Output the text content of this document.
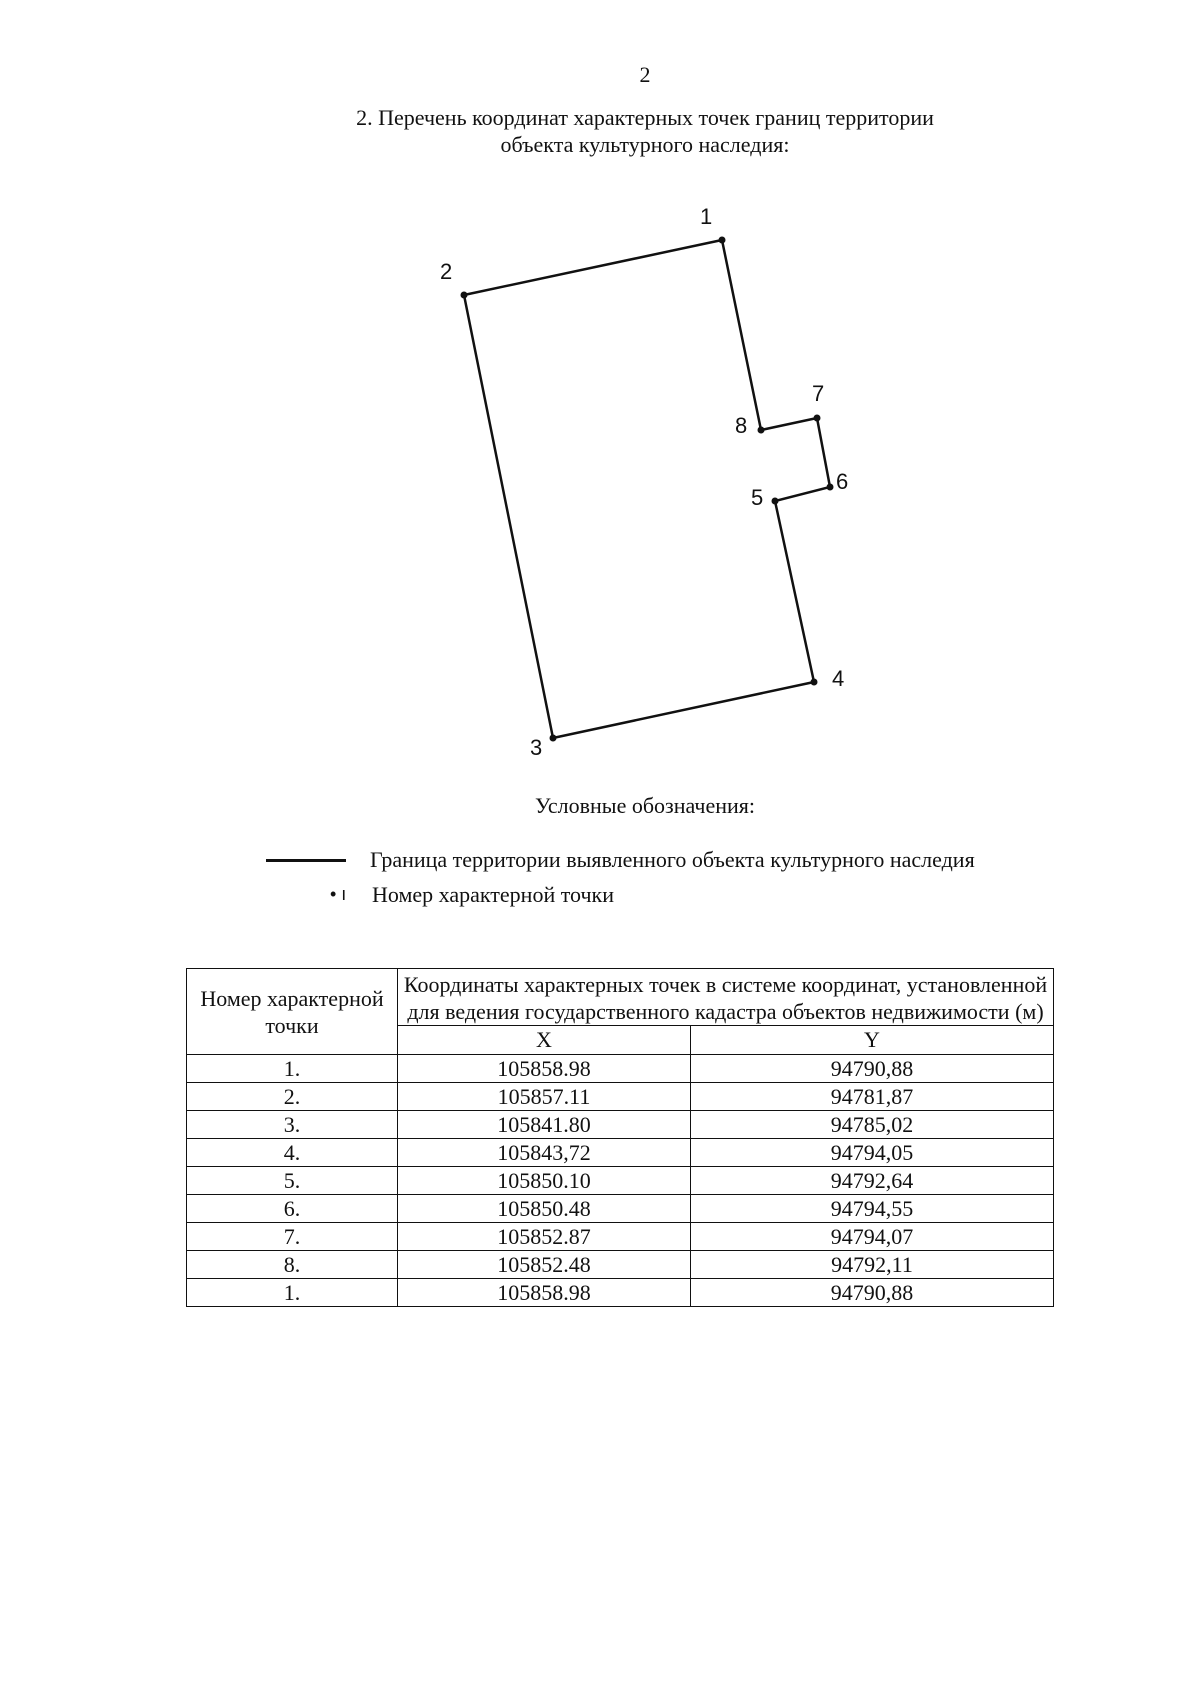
2
2. Перечень координат характерных точек границ территории
объекта культурного наследия:
1
2
3
4
5
6
7
8
Условные обозначения:
Граница территории выявленного объекта культурного наследия
• ı Номер характерной точки
Номер характерной точки	Координаты характерных точек в системе координат, установленной для ведения государственного кадастра объектов недвижимости (м)	
	X	Y
1.	105858.98	94790,88
2.	105857.11	94781,87
3.	105841.80	94785,02
4.	105843,72	94794,05
5.	105850.10	94792,64
6.	105850.48	94794,55
7.	105852.87	94794,07
8.	105852.48	94792,11
1.	105858.98	94790,88
